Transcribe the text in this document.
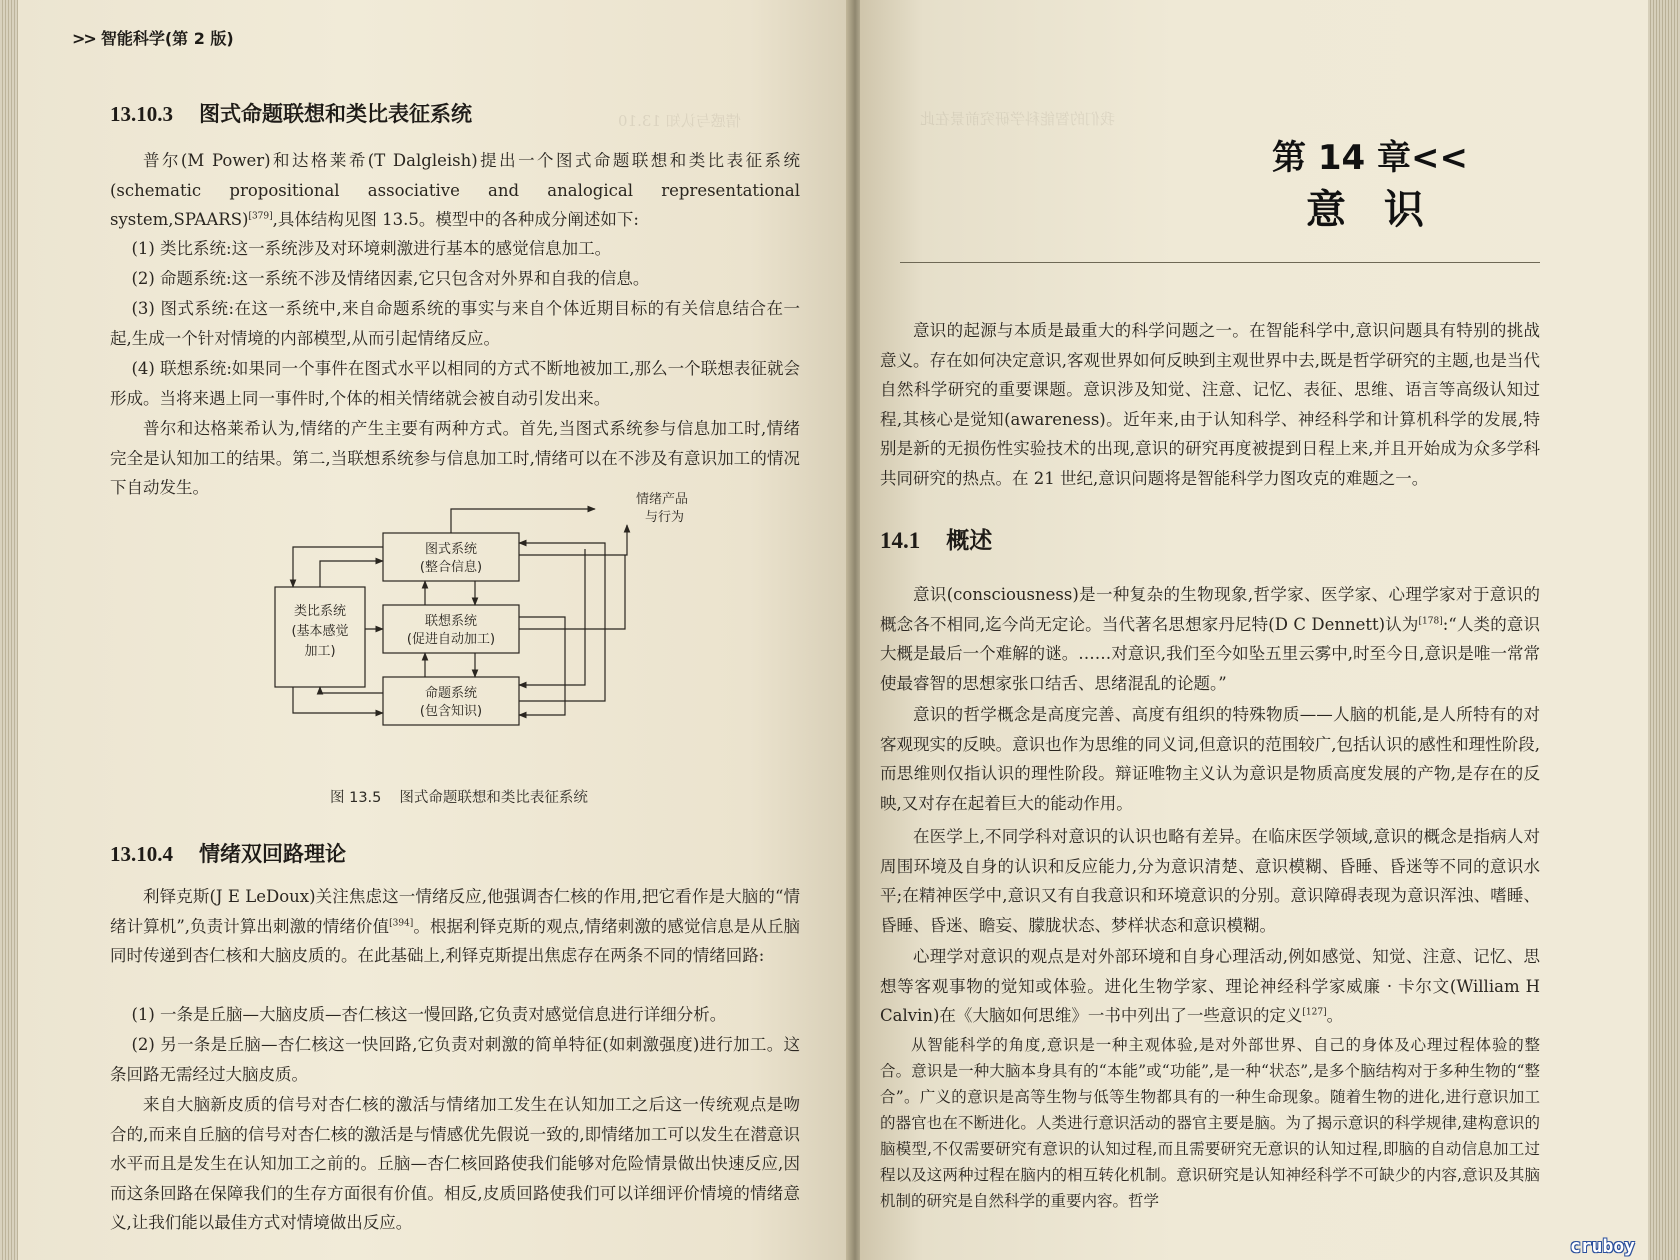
>> 智能科学(第 2 版)
13.10.3 图式命题联想和类比表征系统

普尔(M Power)和达格莱希(T Dalgleish)提出一个图式命题联想和类比表征系统(schematic propositional associative and analogical representational system,SPAARS)[379],具体结构见图 13.5。模型中的各种成分阐述如下:

(1) 类比系统:这一系统涉及对环境刺激进行基本的感觉信息加工。

(2) 命题系统:这一系统不涉及情绪因素,它只包含对外界和自我的信息。

(3) 图式系统:在这一系统中,来自命题系统的事实与来自个体近期目标的有关信息结合在一起,生成一个针对情境的内部模型,从而引起情绪反应。

(4) 联想系统:如果同一个事件在图式水平以相同的方式不断地被加工,那么一个联想表征就会形成。当将来遇上同一事件时,个体的相关情绪就会被自动引发出来。

普尔和达格莱希认为,情绪的产生主要有两种方式。首先,当图式系统参与信息加工时,情绪完全是认知加工的结果。第二,当联想系统参与信息加工时,情绪可以在不涉及有意识加工的情况下自动发生。

情绪产品
与行为
图式系统
(整合信息)
类比系统
(基本感觉
加工)
联想系统
(促进自动加工)
命题系统
(包含知识)
图 13.5 图式命题联想和类比表征系统
13.10.4 情绪双回路理论

利铎克斯(J E LeDoux)关注焦虑这一情绪反应,他强调杏仁核的作用,把它看作是大脑的“情绪计算机”,负责计算出刺激的情绪价值[394]。根据利铎克斯的观点,情绪刺激的感觉信息是从丘脑同时传递到杏仁核和大脑皮质的。在此基础上,利铎克斯提出焦虑存在两条不同的情绪回路:

(1) 一条是丘脑—大脑皮质—杏仁核这一慢回路,它负责对感觉信息进行详细分析。

(2) 另一条是丘脑—杏仁核这一快回路,它负责对刺激的简单特征(如刺激强度)进行加工。这条回路无需经过大脑皮质。

来自大脑新皮质的信号对杏仁核的激活与情绪加工发生在认知加工之后这一传统观点是吻合的,而来自丘脑的信号对杏仁核的激活是与情感优先假说一致的,即情绪加工可以发生在潜意识水平而且是发生在认知加工之前的。丘脑—杏仁核回路使我们能够对危险情景做出快速反应,因而这条回路在保障我们的生存方面很有价值。相反,皮质回路使我们可以详细评价情境的情绪意义,让我们能以最佳方式对情境做出反应。

情感与认知 13.10	我们的智能科学研究前景在此
第 14 章<<
意识

意识的起源与本质是最重大的科学问题之一。在智能科学中,意识问题具有特别的挑战意义。存在如何决定意识,客观世界如何反映到主观世界中去,既是哲学研究的主题,也是当代自然科学研究的重要课题。意识涉及知觉、注意、记忆、表征、思维、语言等高级认知过程,其核心是觉知(awareness)。近年来,由于认知科学、神经科学和计算机科学的发展,特别是新的无损伤性实验技术的出现,意识的研究再度被提到日程上来,并且开始成为众多学科共同研究的热点。在 21 世纪,意识问题将是智能科学力图攻克的难题之一。

14.1 概述

意识(consciousness)是一种复杂的生物现象,哲学家、医学家、心理学家对于意识的概念各不相同,迄今尚无定论。当代著名思想家丹尼特(D C Dennett)认为[178]:“人类的意识大概是最后一个难解的谜。……对意识,我们至今如坠五里云雾中,时至今日,意识是唯一常常使最睿智的思想家张口结舌、思绪混乱的论题。”

意识的哲学概念是高度完善、高度有组织的特殊物质——人脑的机能,是人所特有的对客观现实的反映。意识也作为思维的同义词,但意识的范围较广,包括认识的感性和理性阶段,而思维则仅指认识的理性阶段。辩证唯物主义认为意识是物质高度发展的产物,是存在的反映,又对存在起着巨大的能动作用。

在医学上,不同学科对意识的认识也略有差异。在临床医学领域,意识的概念是指病人对周围环境及自身的认识和反应能力,分为意识清楚、意识模糊、昏睡、昏迷等不同的意识水平;在精神医学中,意识又有自我意识和环境意识的分别。意识障碍表现为意识浑浊、嗜睡、昏睡、昏迷、瞻妄、朦胧状态、梦样状态和意识模糊。

心理学对意识的观点是对外部环境和自身心理活动,例如感觉、知觉、注意、记忆、思想等客观事物的觉知或体验。进化生物学家、理论神经科学家威廉 · 卡尔文(William H Calvin)在《大脑如何思维》一书中列出了一些意识的定义[127]。

从智能科学的角度,意识是一种主观体验,是对外部世界、自己的身体及心理过程体验的整合。意识是一种大脑本身具有的“本能”或“功能”,是一种“状态”,是多个脑结构对于多种生物的“整合”。广义的意识是高等生物与低等生物都具有的一种生命现象。随着生物的进化,进行意识加工的器官也在不断进化。人类进行意识活动的器官主要是脑。为了揭示意识的科学规律,建构意识的脑模型,不仅需要研究有意识的认知过程,而且需要研究无意识的认知过程,即脑的自动信息加工过程以及这两种过程在脑内的相互转化机制。意识研究是认知神经科学不可缺少的内容,意识及其脑机制的研究是自然科学的重要内容。哲学

cruboy
